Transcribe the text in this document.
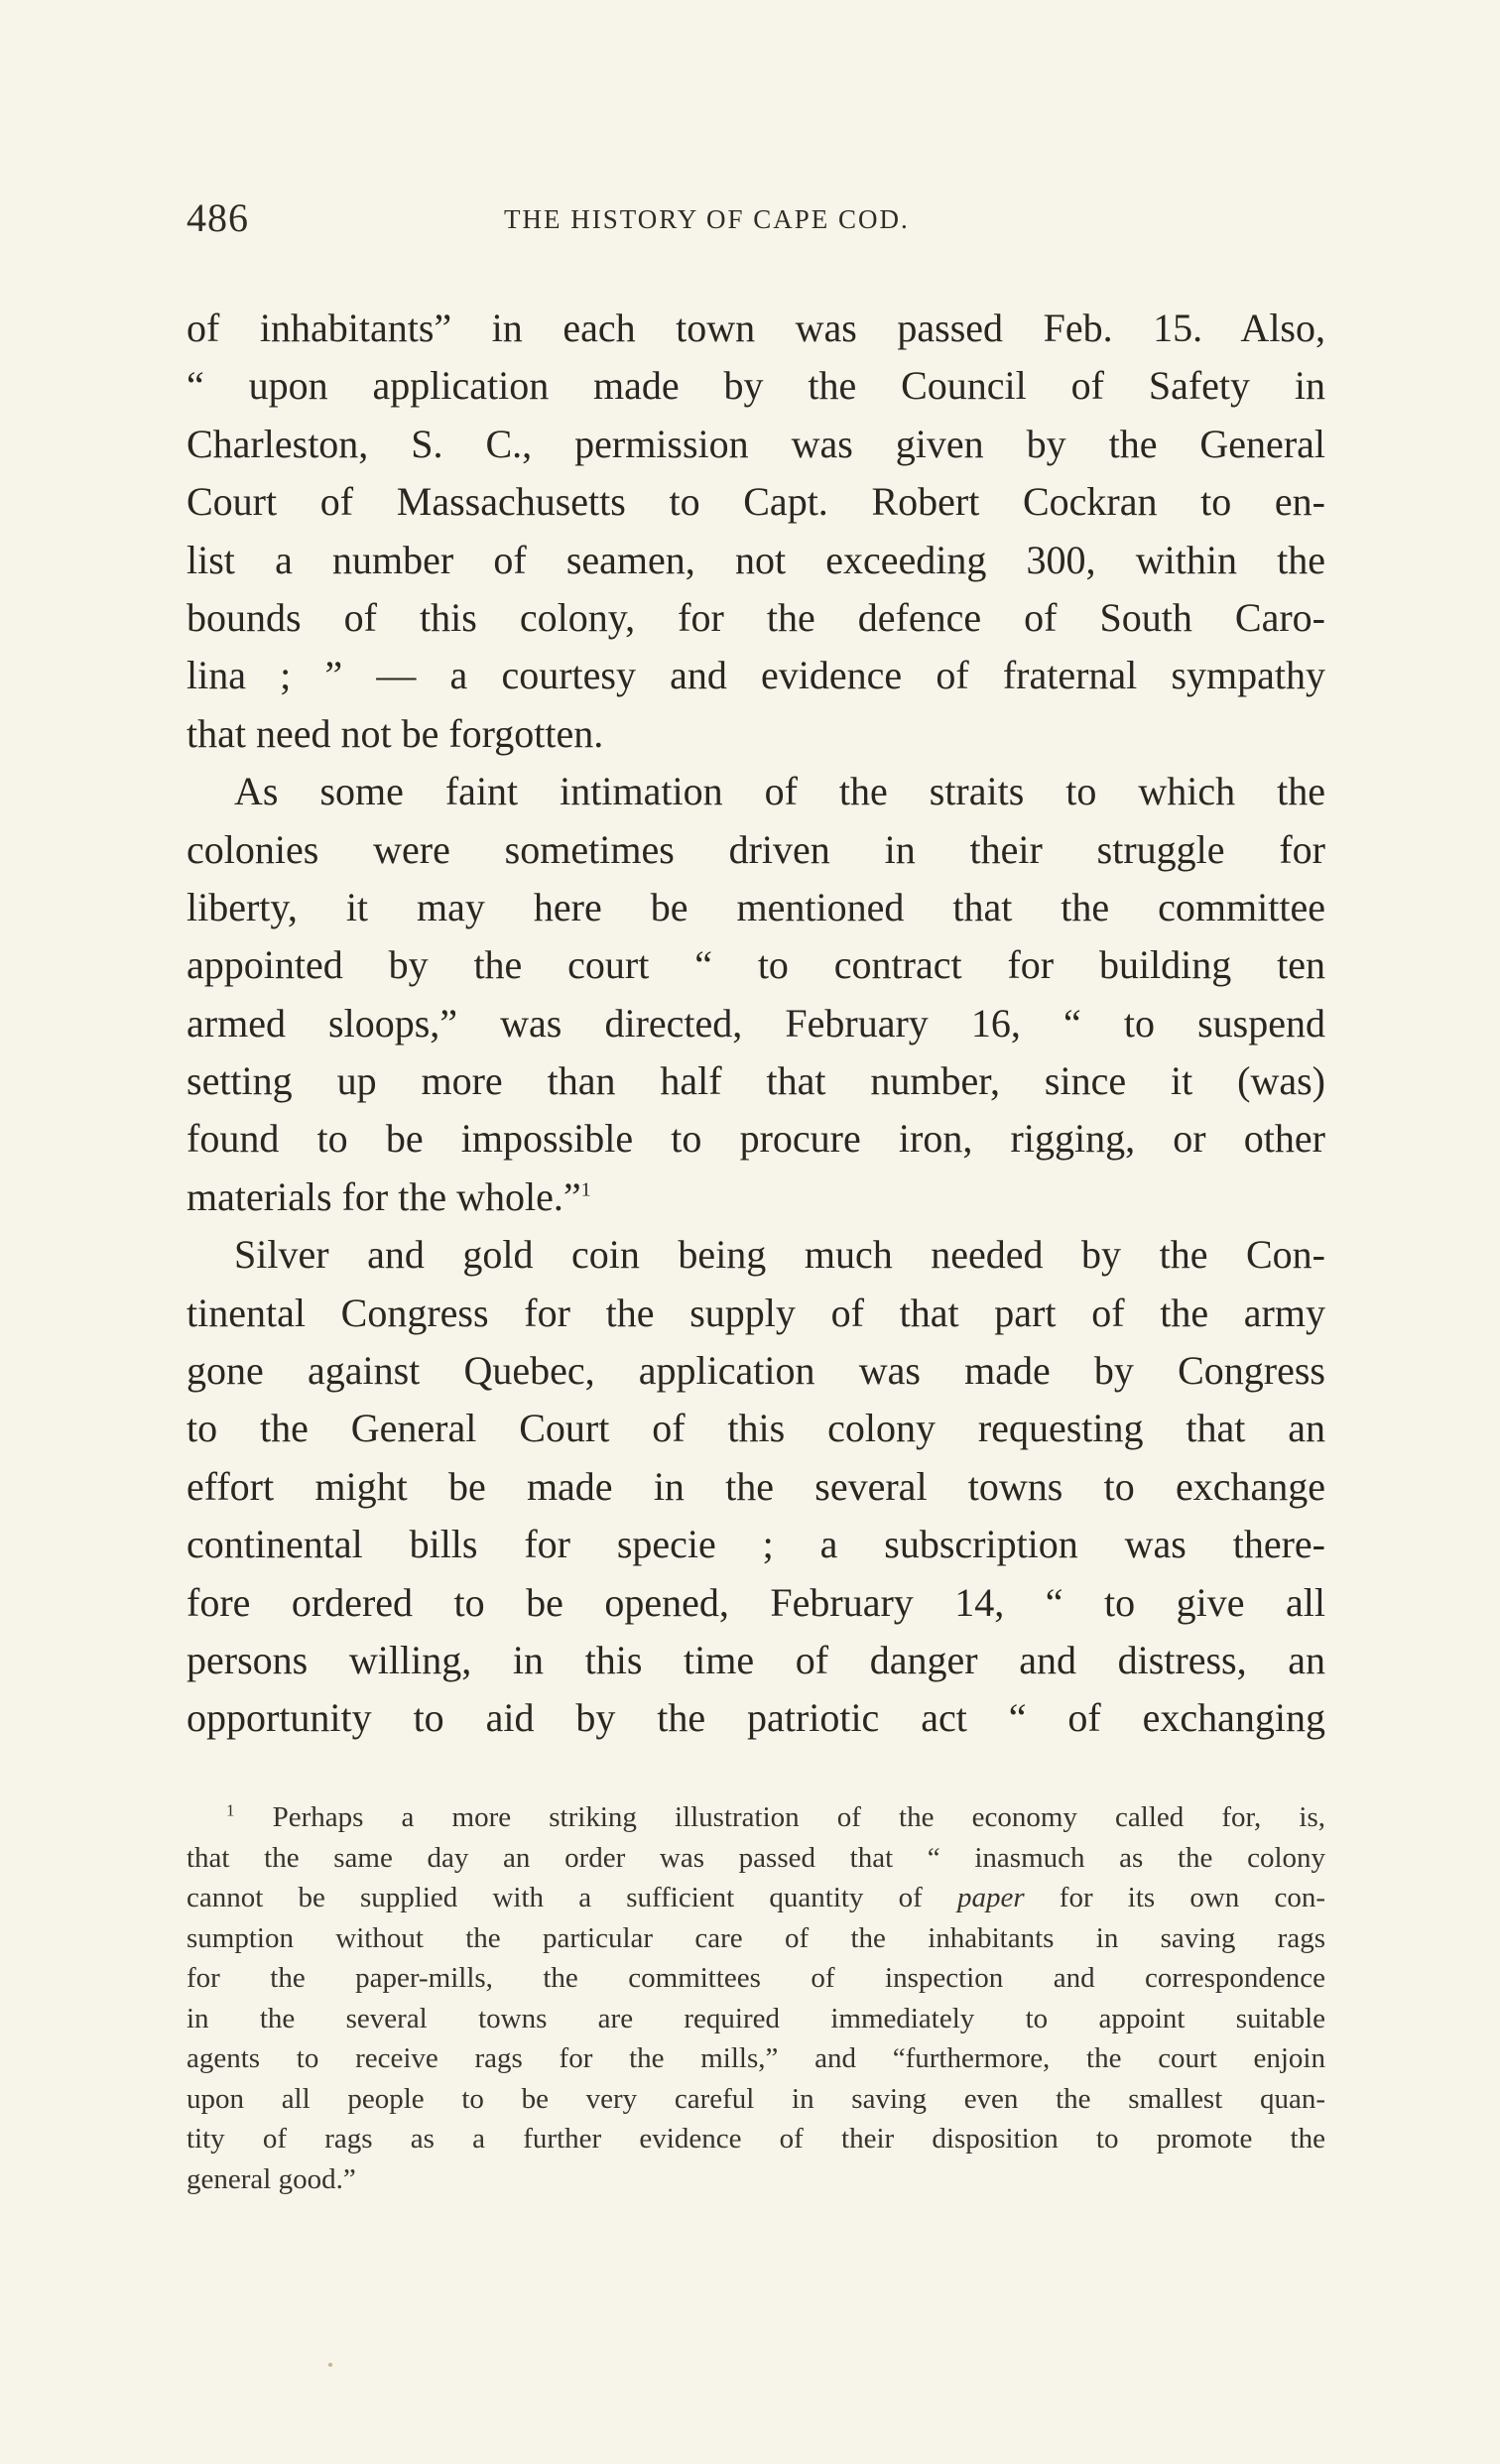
486	THE HISTORY OF CAPE COD.
of inhabitants” in each town was passed Feb. 15. Also,
“ upon application made by the Council of Safety in
Charleston, S. C., permission was given by the General
Court of Massachusetts to Capt. Robert Cockran to en-
list a number of seamen, not exceeding 300, within the
bounds of this colony, for the defence of South Caro-
lina ; ” — a courtesy and evidence of fraternal sympathy
that need not be forgotten.
As some faint intimation of the straits to which the
colonies were sometimes driven in their struggle for
liberty, it may here be mentioned that the committee
appointed by the court “ to contract for building ten
armed sloops,” was directed, February 16, “ to suspend
setting up more than half that number, since it (was)
found to be impossible to procure iron, rigging, or other
materials for the whole.”$^1$
Silver and gold coin being much needed by the Con-
tinental Congress for the supply of that part of the army
gone against Quebec, application was made by Congress
to the General Court of this colony requesting that an
effort might be made in the several towns to exchange
continental bills for specie ; a subscription was there-
fore ordered to be opened, February 14, “ to give all
persons willing, in this time of danger and distress, an
opportunity to aid by the patriotic act “ of exchanging
$^1$ Perhaps a more striking illustration of the economy called for, is,
that the same day an order was passed that “ inasmuch as the colony
cannot be supplied with a sufficient quantity of paper for its own con-
sumption without the particular care of the inhabitants in saving rags
for the paper-mills, the committees of inspection and correspondence
in the several towns are required immediately to appoint suitable
agents to receive rags for the mills,” and “furthermore, the court enjoin
upon all people to be very careful in saving even the smallest quan-
tity of rags as a further evidence of their disposition to promote the
general good.”
